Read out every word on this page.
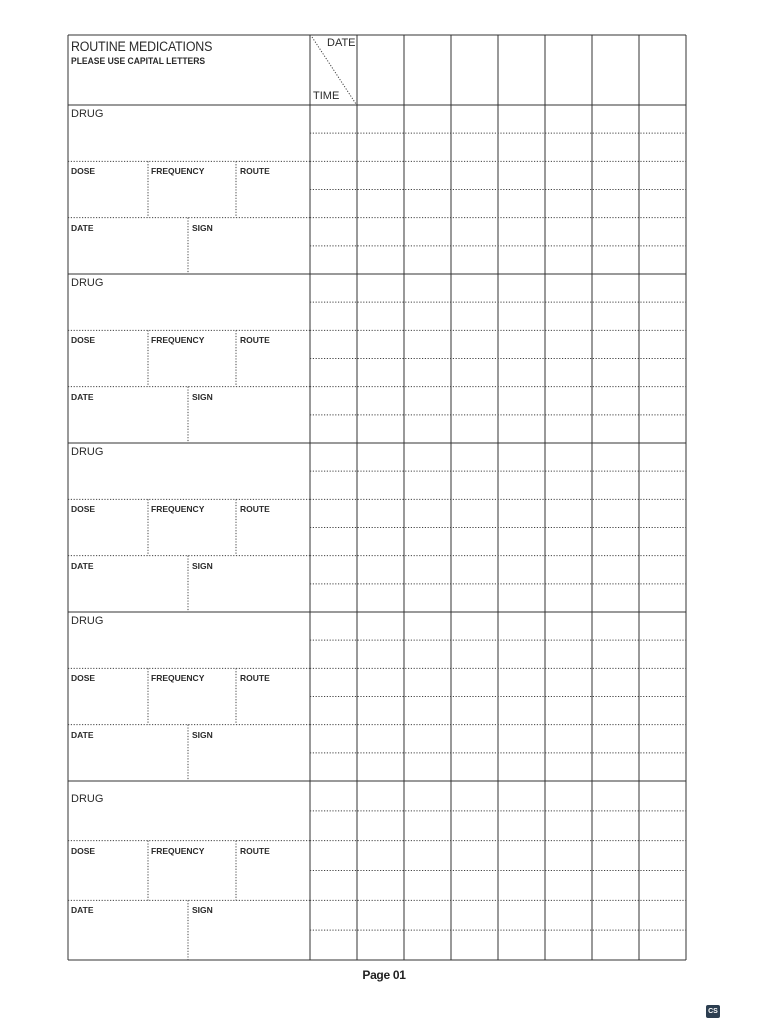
ROUTINE MEDICATIONS
PLEASE USE CAPITAL LETTERS
DATE
TIME
DRUG
DOSE	FREQUENCY	ROUTE
DATE	SIGN
DRUG
DOSE	FREQUENCY	ROUTE
DATE	SIGN
DRUG
DOSE	FREQUENCY	ROUTE
DATE	SIGN
DRUG
DOSE	FREQUENCY	ROUTE
DATE	SIGN
DRUG
DOSE	FREQUENCY	ROUTE
DATE	SIGN
Page 01
CS
